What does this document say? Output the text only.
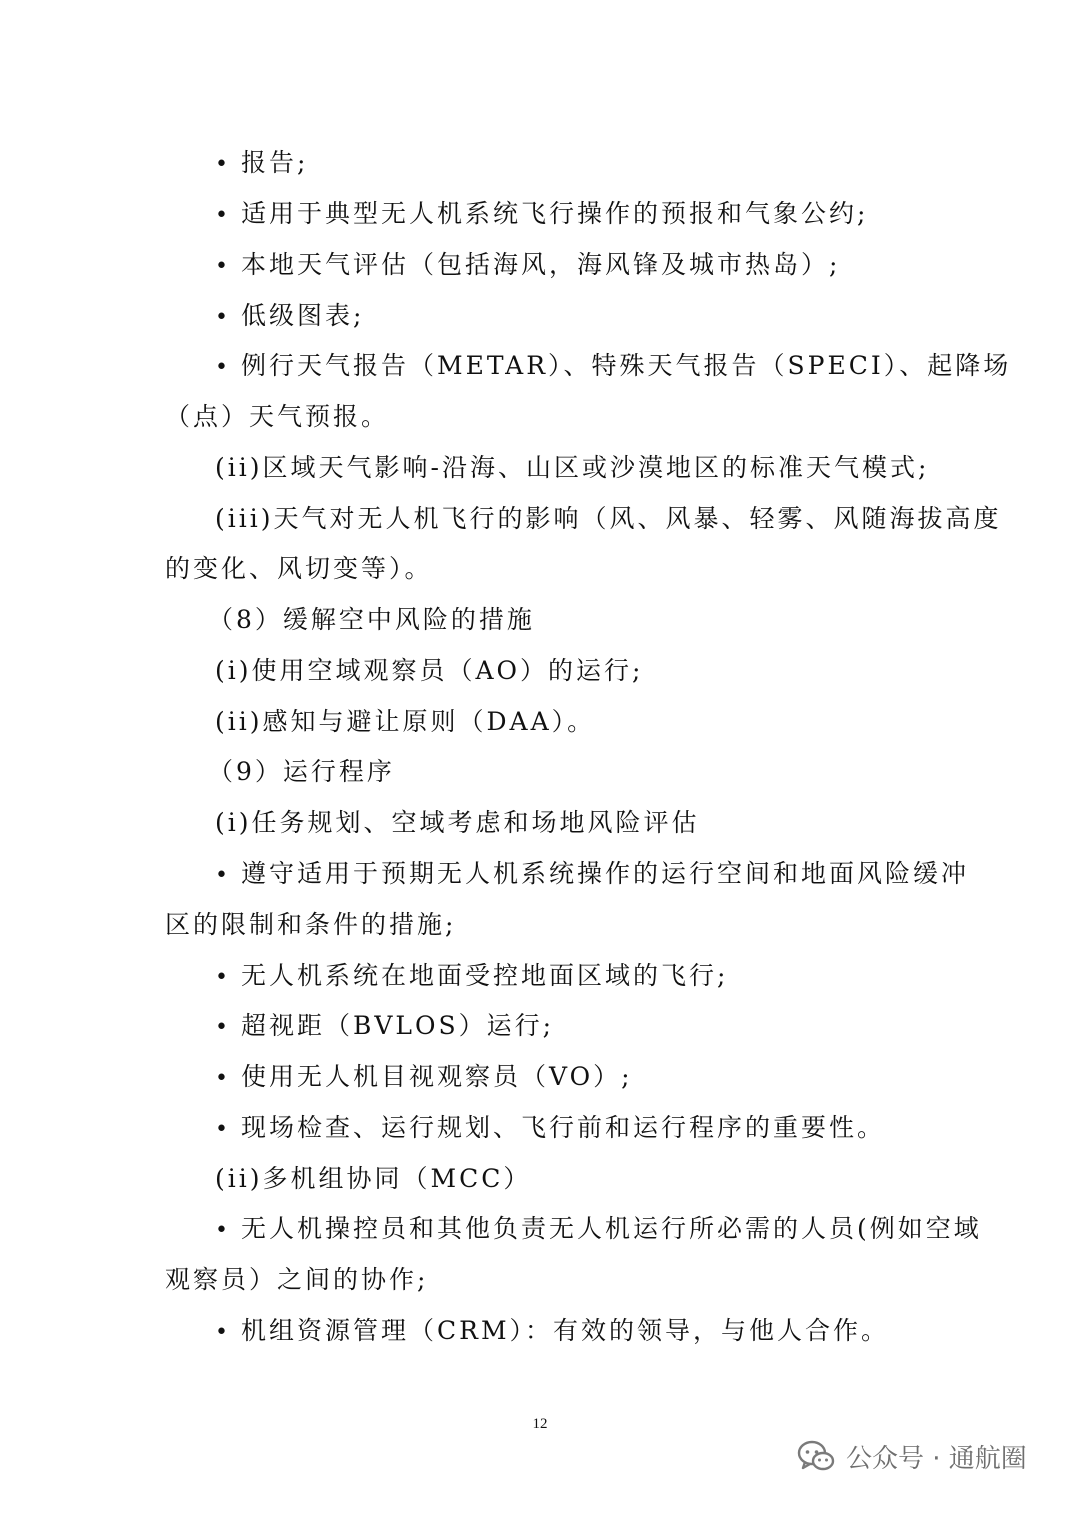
• 报告;
• 适用于典型无人机系统飞行操作的预报和气象公约;
• 本地天气评估（包括海风，海风锋及城市热岛）;
• 低级图表;
• 例行天气报告（METAR）、特殊天气报告（SPECI）、起降场
（点）天气预报。
(ii)区域天气影响-沿海、山区或沙漠地区的标准天气模式;
(iii)天气对无人机飞行的影响（风、风暴、轻雾、风随海拔高度
的变化、风切变等）。
（8）缓解空中风险的措施
(i)使用空域观察员（AO）的运行;
(ii)感知与避让原则（DAA）。
（9）运行程序
(i)任务规划、空域考虑和场地风险评估
• 遵守适用于预期无人机系统操作的运行空间和地面风险缓冲
区的限制和条件的措施;
• 无人机系统在地面受控地面区域的飞行;
• 超视距（BVLOS）运行;
• 使用无人机目视观察员（VO）;
• 现场检查、运行规划、飞行前和运行程序的重要性。
(ii)多机组协同（MCC）
• 无人机操控员和其他负责无人机运行所必需的人员(例如空域
观察员）之间的协作;
• 机组资源管理（CRM）：有效的领导，与他人合作。
12
公众号 · 通航圈
